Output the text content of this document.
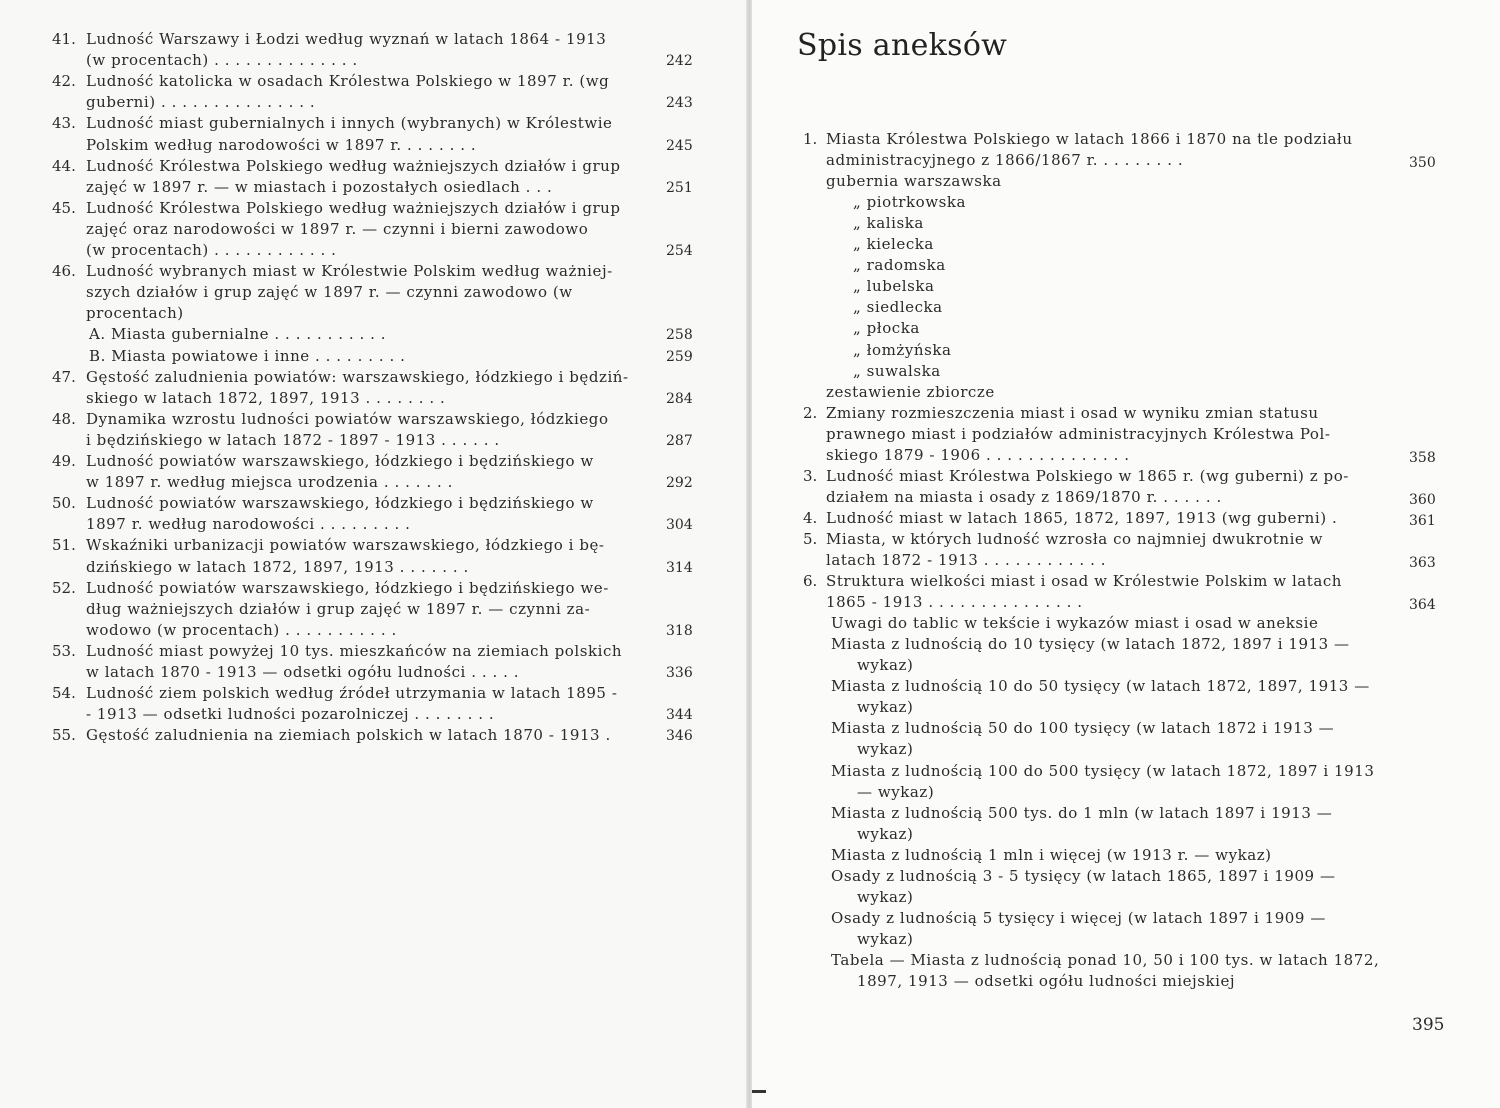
Spis aneksów
395
1. Miasta Królestwa Polskiego w latach 1866 i 1870 na tle podziału
administracyjnego z 1866/1867 r. . . . . . . . .	350
gubernia warszawska
„ piotrkowska
„ kaliska
„ kielecka
„ radomska
„ lubelska
„ siedlecka
„ płocka
„ łomżyńska
„ suwalska
zestawienie zbiorcze
2. Zmiany rozmieszczenia miast i osad w wyniku zmian statusu
prawnego miast i podziałów administracyjnych Królestwa Pol-
skiego 1879 - 1906 . . . . . . . . . . . . . .	358
3. Ludność miast Królestwa Polskiego w 1865 r. (wg guberni) z po-
działem na miasta i osady z 1869/1870 r. . . . . . .	360
4. Ludność miast w latach 1865, 1872, 1897, 1913 (wg guberni) .	361
5. Miasta, w których ludność wzrosła co najmniej dwukrotnie w
latach 1872 - 1913 . . . . . . . . . . . .	363
6. Struktura wielkości miast i osad w Królestwie Polskim w latach
1865 - 1913 . . . . . . . . . . . . . . .	364
Uwagi do tablic w tekście i wykazów miast i osad w aneksie
Miasta z ludnością do 10 tysięcy (w latach 1872, 1897 i 1913 —
wykaz)
Miasta z ludnością 10 do 50 tysięcy (w latach 1872, 1897, 1913 —
wykaz)
Miasta z ludnością 50 do 100 tysięcy (w latach 1872 i 1913 —
wykaz)
Miasta z ludnością 100 do 500 tysięcy (w latach 1872, 1897 i 1913
— wykaz)
Miasta z ludnością 500 tys. do 1 mln (w latach 1897 i 1913 —
wykaz)
Miasta z ludnością 1 mln i więcej (w 1913 r. — wykaz)
Osady z ludnością 3 - 5 tysięcy (w latach 1865, 1897 i 1909 —
wykaz)
Osady z ludnością 5 tysięcy i więcej (w latach 1897 i 1909 —
wykaz)
Tabela — Miasta z ludnością ponad 10, 50 i 100 tys. w latach 1872,
1897, 1913 — odsetki ogółu ludności miejskiej
41. Ludność Warszawy i Łodzi według wyznań w latach 1864 - 1913
(w procentach) . . . . . . . . . . . . . .	242
42. Ludność katolicka w osadach Królestwa Polskiego w 1897 r. (wg
guberni) . . . . . . . . . . . . . . .	243
43. Ludność miast gubernialnych i innych (wybranych) w Królestwie
Polskim według narodowości w 1897 r. . . . . . . .	245
44. Ludność Królestwa Polskiego według ważniejszych działów i grup
zajęć w 1897 r. — w miastach i pozostałych osiedlach . . .	251
45. Ludność Królestwa Polskiego według ważniejszych działów i grup
zajęć oraz narodowości w 1897 r. — czynni i bierni zawodowo
(w procentach) . . . . . . . . . . . .	254
46. Ludność wybranych miast w Królestwie Polskim według ważniej-
szych działów i grup zajęć w 1897 r. — czynni zawodowo (w
procentach)
A. Miasta gubernialne . . . . . . . . . . .	258
B. Miasta powiatowe i inne . . . . . . . . .	259
47. Gęstość zaludnienia powiatów: warszawskiego, łódzkiego i będziń-
skiego w latach 1872, 1897, 1913 . . . . . . . .	284
48. Dynamika wzrostu ludności powiatów warszawskiego, łódzkiego
i będzińskiego w latach 1872 - 1897 - 1913 . . . . . .	287
49. Ludność powiatów warszawskiego, łódzkiego i będzińskiego w
w 1897 r. według miejsca urodzenia . . . . . . .	292
50. Ludność powiatów warszawskiego, łódzkiego i będzińskiego w
1897 r. według narodowości . . . . . . . . .	304
51. Wskaźniki urbanizacji powiatów warszawskiego, łódzkiego i bę-
dzińskiego w latach 1872, 1897, 1913 . . . . . . .	314
52. Ludność powiatów warszawskiego, łódzkiego i będzińskiego we-
dług ważniejszych działów i grup zajęć w 1897 r. — czynni za-
wodowo (w procentach) . . . . . . . . . . .	318
53. Ludność miast powyżej 10 tys. mieszkańców na ziemiach polskich
w latach 1870 - 1913 — odsetki ogółu ludności . . . . .	336
54. Ludność ziem polskich według źródeł utrzymania w latach 1895 -
- 1913 — odsetki ludności pozarolniczej . . . . . . . .	344
55. Gęstość zaludnienia na ziemiach polskich w latach 1870 - 1913 .	346
